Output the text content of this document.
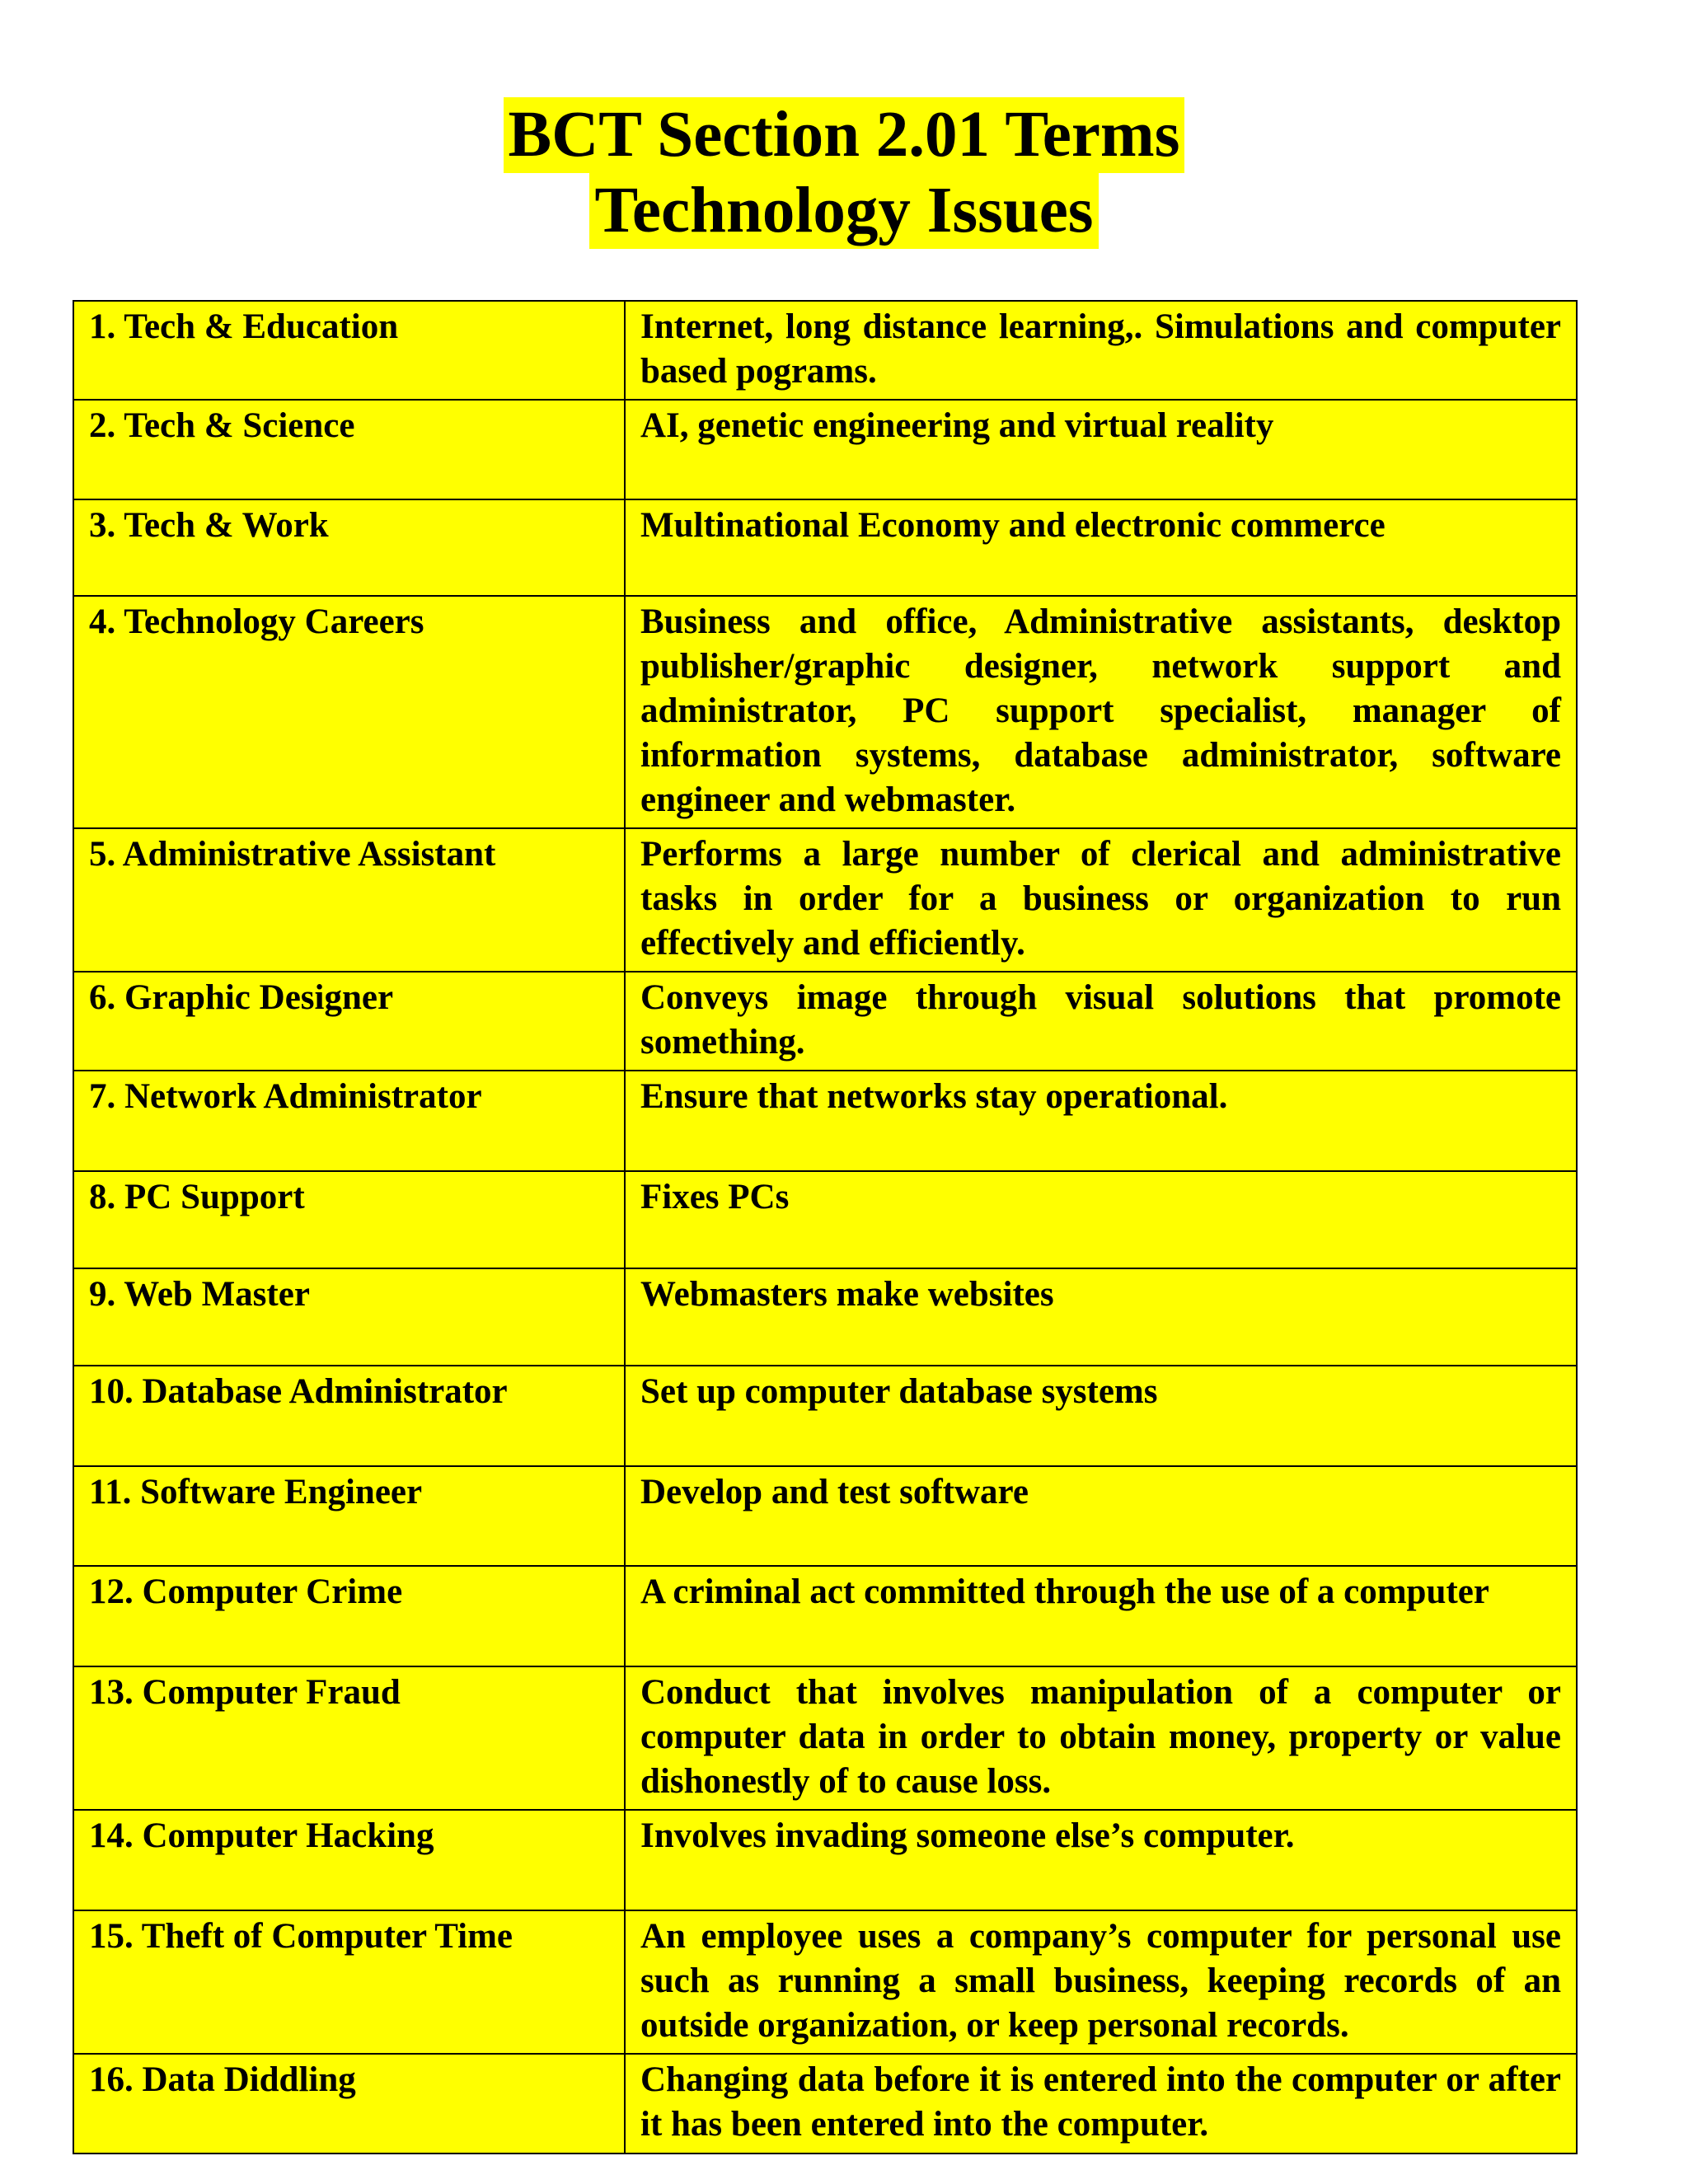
BCT Section 2.01 Terms
Technology Issues
1. Tech & Education	Internet, long distance learning,. Simulations and computer based pograms.
2. Tech & Science	AI, genetic engineering and virtual reality
3. Tech & Work	Multinational Economy and electronic commerce
4. Technology Careers	Business and office, Administrative assistants, desktop publisher/graphic designer, network support and administrator, PC support specialist, manager of information systems, database administrator, software engineer and webmaster.
5. Administrative Assistant	Performs a large number of clerical and administrative tasks in order for a business or organization to run effectively and efficiently.
6. Graphic Designer	Conveys image through visual solutions that promote something.
7. Network Administrator	Ensure that networks stay operational.
8. PC Support	Fixes PCs
9. Web Master	Webmasters make websites
10. Database Administrator	Set up computer database systems
11. Software Engineer	Develop and test software
12. Computer Crime	A criminal act committed through the use of a computer
13. Computer Fraud	Conduct that involves manipulation of a computer or computer data in order to obtain money, property or value dishonestly of to cause loss.
14. Computer Hacking	Involves invading someone else’s computer.
15. Theft of Computer Time	An employee uses a company’s computer for personal use such as running a small business, keeping records of an outside organization, or keep personal records.
16. Data Diddling	Changing data before it is entered into the computer or after it has been entered into the computer.
